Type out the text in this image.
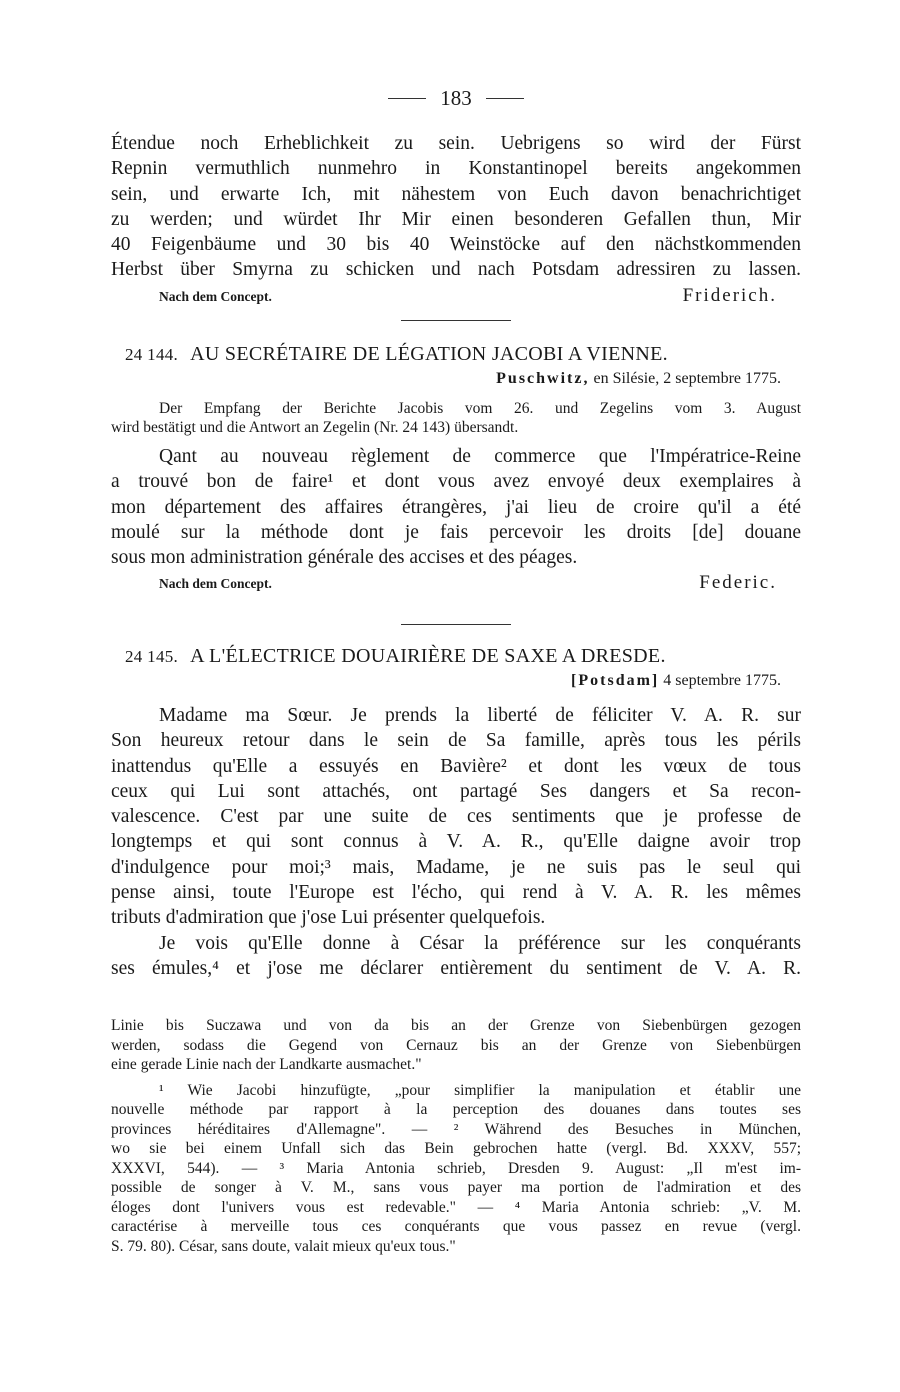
183
Étendue noch Erheblichkeit zu sein. Uebrigens so wird der Fürst
Repnin vermuthlich nunmehro in Konstantinopel bereits angekommen
sein, und erwarte Ich, mit nähestem von Euch davon benachrichtiget
zu werden; und würdet Ihr Mir einen besonderen Gefallen thun, Mir
40 Feigenbäume und 30 bis 40 Weinstöcke auf den nächstkommenden
Herbst über Smyrna zu schicken und nach Potsdam adressiren zu lassen.
Nach dem Concept.	Friderich.
24 144. AU SECRÉTAIRE DE LÉGATION JACOBI A VIENNE.
Puschwitz, en Silésie, 2 septembre 1775.
Der Empfang der Berichte Jacobis vom 26. und Zegelins vom 3. August
wird bestätigt und die Antwort an Zegelin (Nr. 24 143) übersandt.
Qant au nouveau règlement de commerce que l'Impératrice-Reine
a trouvé bon de faire¹ et dont vous avez envoyé deux exemplaires à
mon département des affaires étrangères, j'ai lieu de croire qu'il a été
moulé sur la méthode dont je fais percevoir les droits [de] douane
sous mon administration générale des accises et des péages.
Nach dem Concept.	Federic.
24 145. A L'ÉLECTRICE DOUAIRIÈRE DE SAXE A DRESDE.
[Potsdam] 4 septembre 1775.
Madame ma Sœur. Je prends la liberté de féliciter V. A. R. sur
Son heureux retour dans le sein de Sa famille, après tous les périls
inattendus qu'Elle a essuyés en Bavière² et dont les vœux de tous
ceux qui Lui sont attachés, ont partagé Ses dangers et Sa recon-
valescence. C'est par une suite de ces sentiments que je professe de
longtemps et qui sont connus à V. A. R., qu'Elle daigne avoir trop
d'indulgence pour moi;³ mais, Madame, je ne suis pas le seul qui
pense ainsi, toute l'Europe est l'écho, qui rend à V. A. R. les mêmes
tributs d'admiration que j'ose Lui présenter quelquefois.
Je vois qu'Elle donne à César la préférence sur les conquérants
ses émules,⁴ et j'ose me déclarer entièrement du sentiment de V. A. R.
Linie bis Suczawa und von da bis an der Grenze von Siebenbürgen gezogen
werden, sodass die Gegend von Cernauz bis an der Grenze von Siebenbürgen
eine gerade Linie nach der Landkarte ausmachet."
¹ Wie Jacobi hinzufügte, „pour simplifier la manipulation et établir une
nouvelle méthode par rapport à la perception des douanes dans toutes ses
provinces héréditaires d'Allemagne". — ² Während des Besuches in München,
wo sie bei einem Unfall sich das Bein gebrochen hatte (vergl. Bd. XXXV, 557;
XXXVI, 544). — ³ Maria Antonia schrieb, Dresden 9. August: „Il m'est im-
possible de songer à V. M., sans vous payer ma portion de l'admiration et des
éloges dont l'univers vous est redevable." — ⁴ Maria Antonia schrieb: „V. M.
caractérise à merveille tous ces conquérants que vous passez en revue (vergl.
S. 79. 80). César, sans doute, valait mieux qu'eux tous."
